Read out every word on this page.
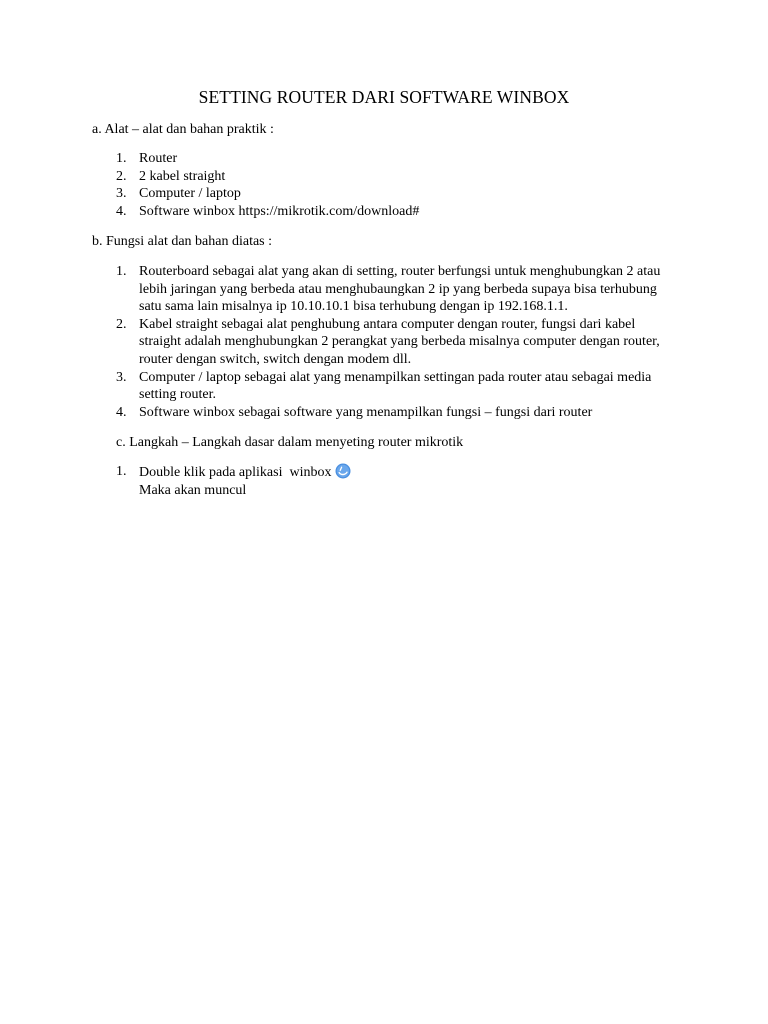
SETTING ROUTER DARI SOFTWARE WINBOX
a. Alat – alat dan bahan praktik :
1. Router
2. 2 kabel straight
3. Computer / laptop
4. Software winbox https://mikrotik.com/download#
b. Fungsi alat dan bahan diatas :
1. Routerboard sebagai alat yang akan di setting, router berfungsi untuk menghubungkan 2 atau lebih jaringan yang berbeda atau menghubaungkan 2 ip yang berbeda supaya bisa terhubung satu sama lain misalnya ip 10.10.10.1 bisa terhubung dengan ip 192.168.1.1.
2. Kabel straight sebagai alat penghubung antara computer dengan router, fungsi dari kabel straight adalah menghubungkan 2 perangkat yang berbeda misalnya computer dengan router, router dengan switch, switch dengan modem dll.
3. Computer / laptop sebagai alat yang menampilkan settingan pada router atau sebagai media setting router.
4. Software winbox sebagai software yang menampilkan fungsi – fungsi dari router
c. Langkah – Langkah dasar dalam menyeting router mikrotik
1. Double klik pada aplikasi  winbox
Maka akan muncul
